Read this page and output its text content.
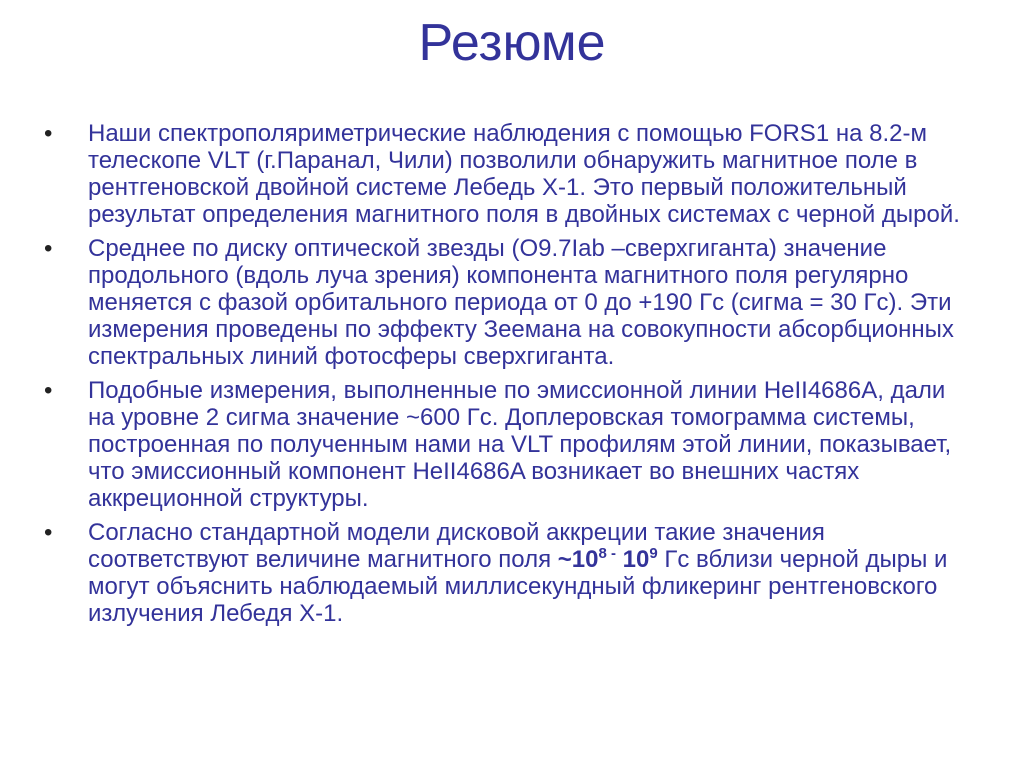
Резюме
•	Наши спектрополяриметрические наблюдения с помощью FORS1 на 8.2-м телескопе VLT (г.Паранал, Чили) позволили обнаружить магнитное поле в рентгеновской двойной системе Лебедь Х-1. Это первый положительный результат определения магнитного поля в двойных системах с черной дырой.
•	Среднее по диску оптической звезды (О9.7Iab –сверхгиганта) значение продольного (вдоль луча зрения) компонента магнитного поля регулярно меняется с фазой орбитального периода от 0 до +190 Гс (сигма = 30 Гс). Эти измерения проведены по эффекту Зеемана на совокупности абсорбционных спектральных линий фотосферы сверхгиганта.
•	Подобные измерения, выполненные по эмиссионной линии HeII4686A, дали на уровне 2 сигма значение ~600 Гс. Доплеровская томограмма системы, построенная по полученным нами на VLT профилям этой линии, показывает, что эмиссионный компонент HeII4686A возникает во внешних частях аккреционной структуры.
•	Согласно стандартной модели дисковой аккреции такие значения соответствуют величине магнитного поля $\sim 10^{8 -}$ $10^9$ Гс вблизи черной дыры и могут объяснить наблюдаемый миллисекундный фликеринг рентгеновского излучения Лебедя Х-1.
